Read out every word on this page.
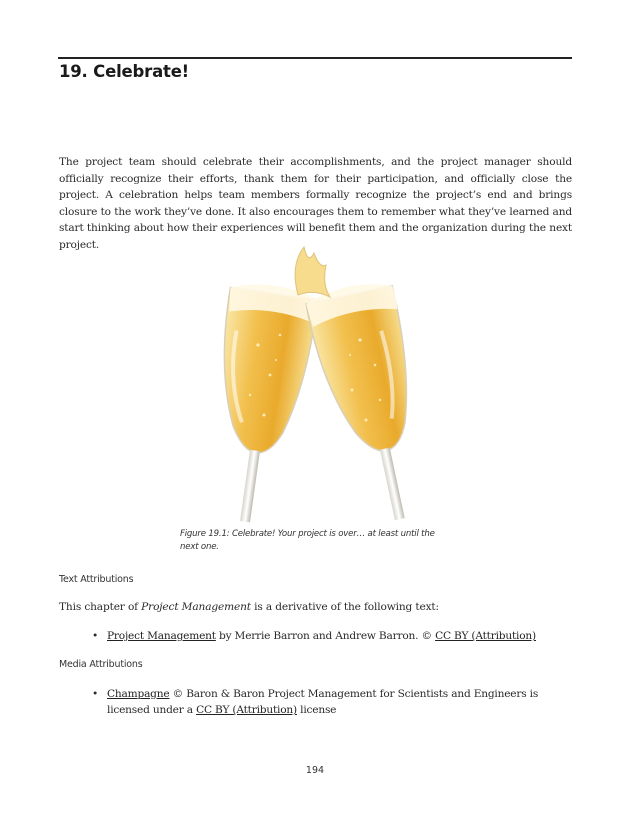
19. Celebrate!

The project team should celebrate their accomplishments, and the project manager should officially recognize their efforts, thank them for their participation, and officially close the project. A celebration helps team members formally recognize the project’s end and brings closure to the work they’ve done. It also encourages them to remember what they’ve learned and start thinking about how their experiences will benefit them and the organization during the next project.

Figure 19.1: Celebrate! Your project is over… at least until the next one.

Text Attributions

This chapter of Project Management is a derivative of the following text:

• Project Management by Merrie Barron and Andrew Barron. © CC BY (Attribution)

Media Attributions

• Champagne © Baron & Baron Project Management for Scientists and Engineers is licensed under a CC BY (Attribution) license

194
